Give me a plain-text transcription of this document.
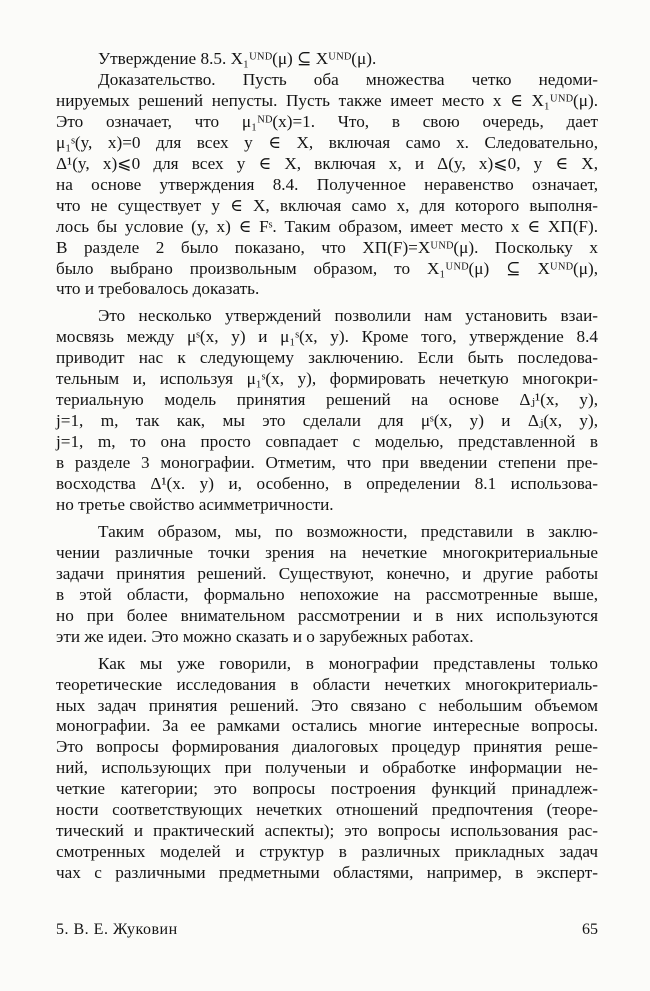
Утверждение 8.5. X₁ᵁᴺᴰ(μ) ⊆ Xᵁᴺᴰ(μ).
Доказательство. Пусть оба множества четко недоми-
нируемых решений непусты. Пусть также имеет место x ∈ X₁ᵁᴺᴰ(μ).
Это означает, что μ₁ᴺᴰ(x)=1. Что, в свою очередь, дает
μ₁ˢ(y, x)=0 для всех y ∈ X, включая само x. Следовательно,
Δ¹(y, x)⩽0 для всех y ∈ X, включая x, и Δ(y, x)⩽0, y ∈ X,
на основе утверждения 8.4. Полученное неравенство означает,
что не существует y ∈ X, включая само x, для которого выполня-
лось бы условие (y, x) ∈ Fˢ. Таким образом, имеет место x ∈ XΠ(F).
В разделе 2 было показано, что XΠ(F)=Xᵁᴺᴰ(μ). Поскольку x
было выбрано произвольным образом, то X₁ᵁᴺᴰ(μ) ⊆ Xᵁᴺᴰ(μ),
что и требовалось доказать.
Это несколько утверждений позволили нам установить взаи-
мосвязь между μˢ(x, y) и μ₁ˢ(x, y). Кроме того, утверждение 8.4
приводит нас к следующему заключению. Если быть последова-
тельным и, используя μ₁ˢ(x, y), формировать нечеткую многокри-
териальную модель принятия решений на основе Δⱼ¹(x, y),
j=1, m, так как, мы это сделали для μˢ(x, y) и Δⱼ(x, y),
j=1, m, то она просто совпадает с моделью, представленной в
в разделе 3 монографии. Отметим, что при введении степени пре-
восходства Δ¹(x. y) и, особенно, в определении 8.1 использова-
но третье свойство асимметричности.
Таким образом, мы, по возможности, представили в заклю-
чении различные точки зрения на нечеткие многокритериальные
задачи принятия решений. Существуют, конечно, и другие работы
в этой области, формально непохожие на рассмотренные выше,
но при более внимательном рассмотрении и в них используются
эти же идеи. Это можно сказать и о зарубежных работах.
Как мы уже говорили, в монографии представлены только
теоретические исследования в области нечетких многокритериаль-
ных задач принятия решений. Это связано с небольшим объемом
монографии. За ее рамками остались многие интересные вопросы.
Это вопросы формирования диалоговых процедур принятия реше-
ний, использующих при полученыи и обработке информации не-
четкие категории; это вопросы построения функций принадлеж-
ности соответствующих нечетких отношений предпочтения (теоре-
тический и практический аспекты); это вопросы использования рас-
смотренных моделей и структур в различных прикладных задач
чах с различными предметными областями, например, в эксперт-
5. В. Е. Жуковин	65
